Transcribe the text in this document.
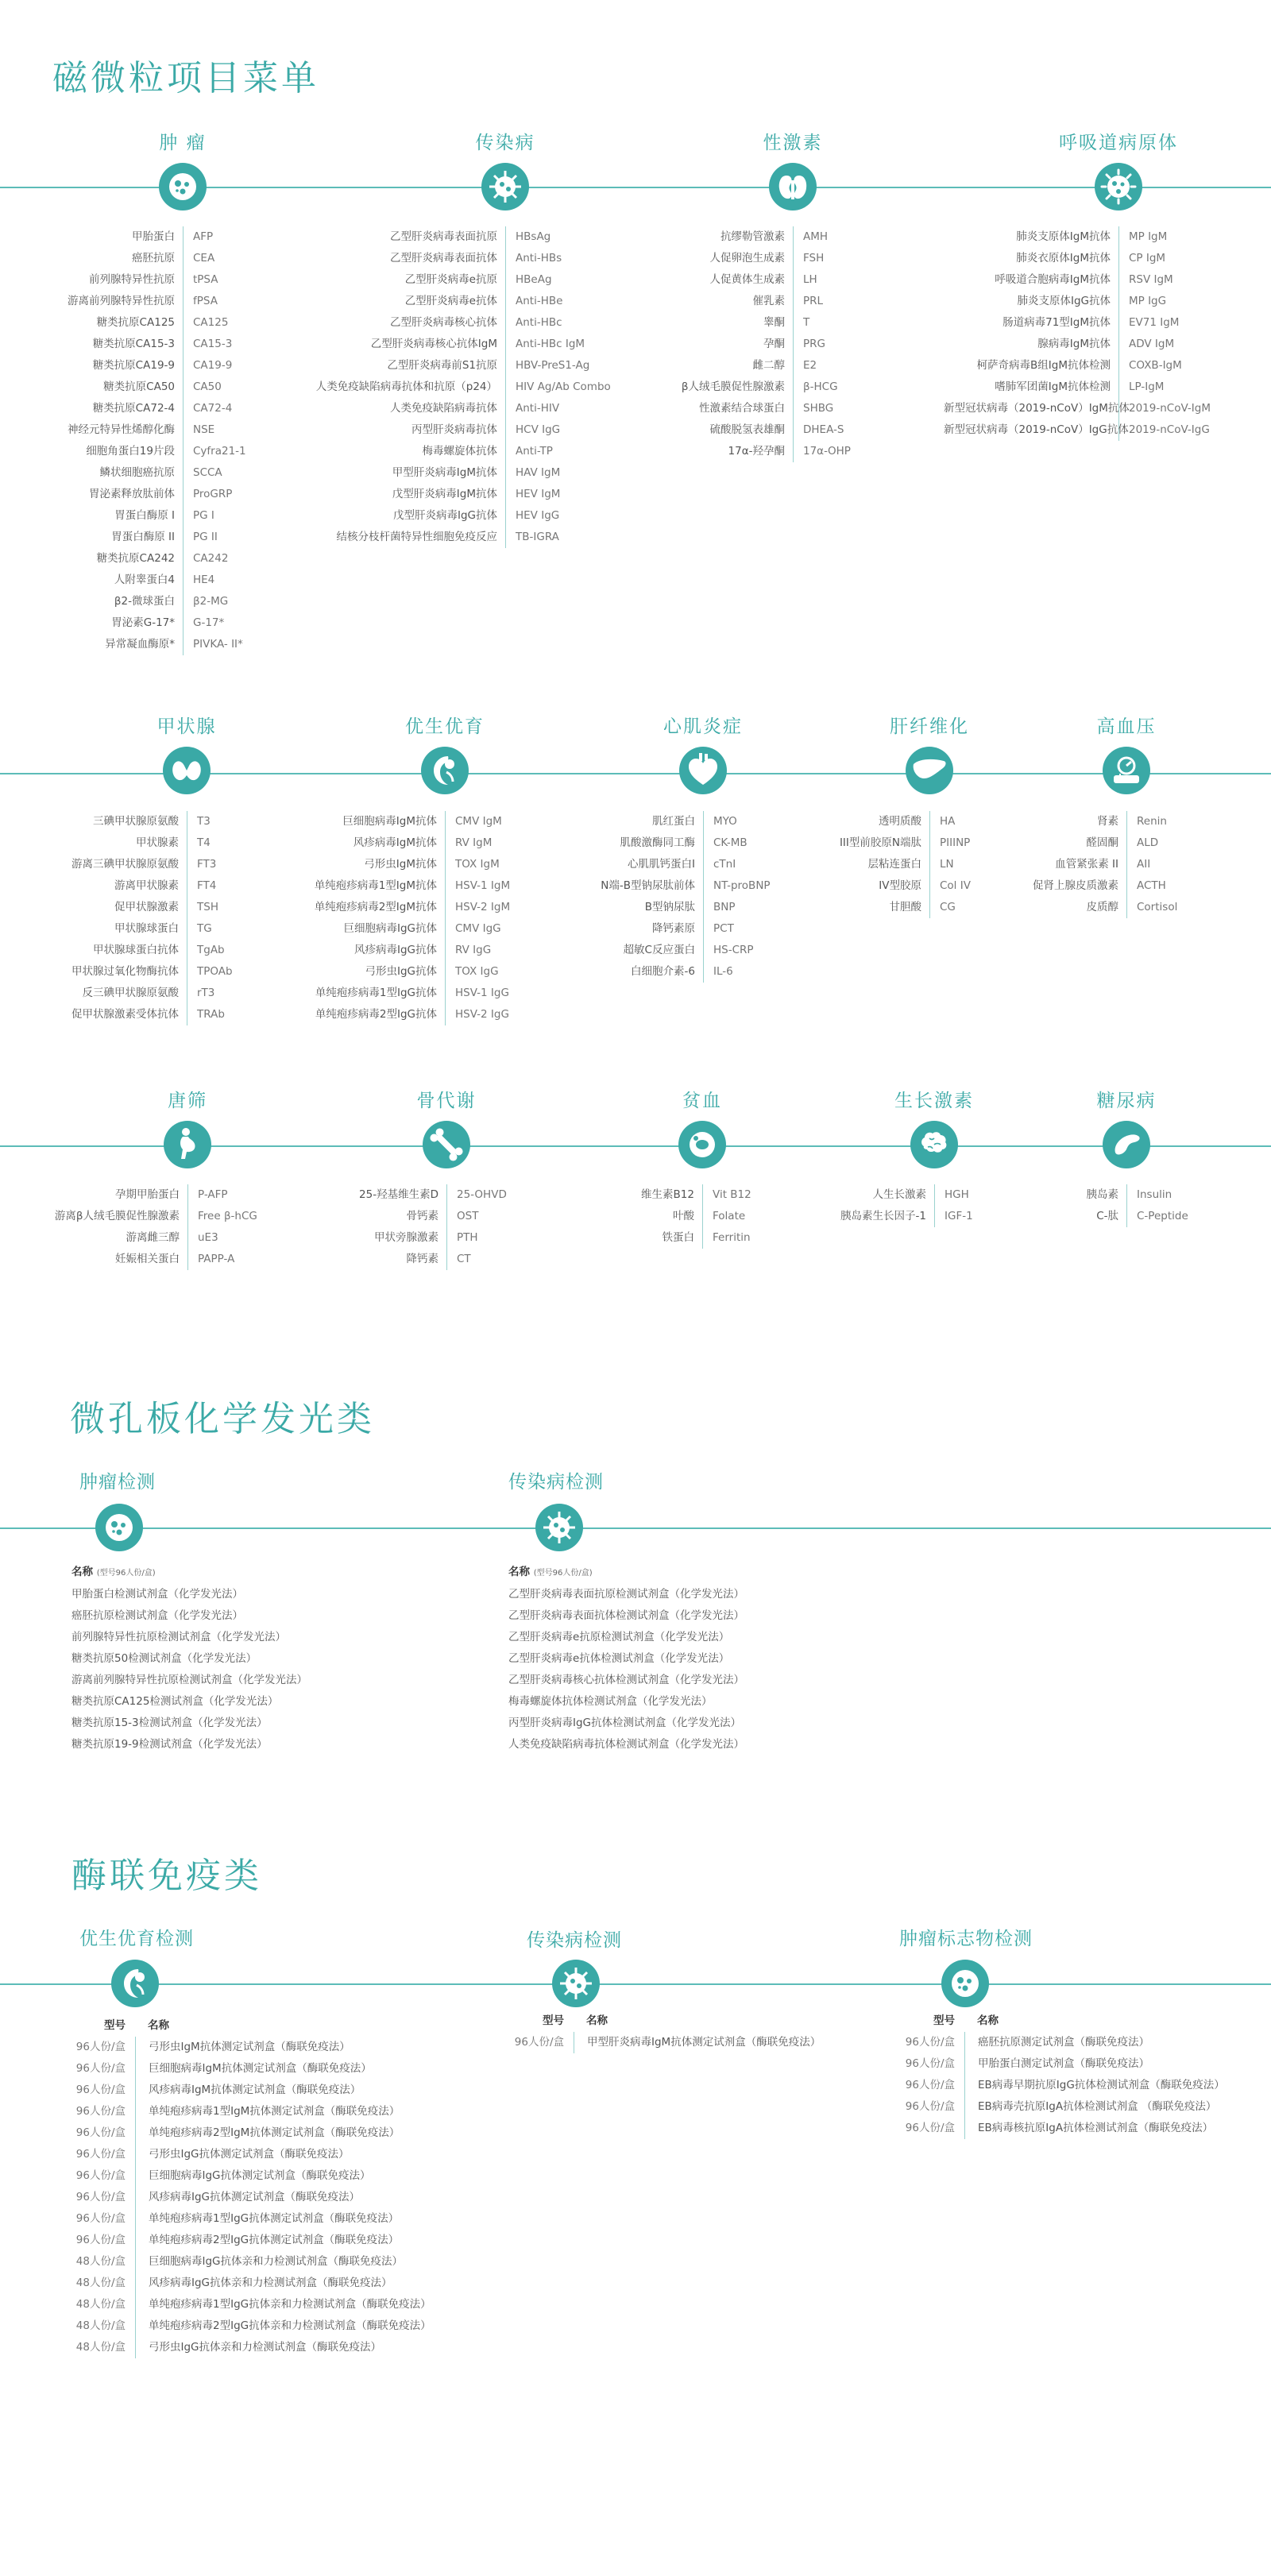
磁微粒项目菜单
肿 瘤
甲胎蛋白	AFP
癌胚抗原	CEA
前列腺特异性抗原	tPSA
游离前列腺特异性抗原	fPSA
糖类抗原CA125	CA125
糖类抗原CA15-3	CA15-3
糖类抗原CA19-9	CA19-9
糖类抗原CA50	CA50
糖类抗原CA72-4	CA72-4
神经元特异性烯醇化酶	NSE
细胞角蛋白19片段	Cyfra21-1
鳞状细胞癌抗原	SCCA
胃泌素释放肽前体	ProGRP
胃蛋白酶原 I	PG I
胃蛋白酶原 II	PG II
糖类抗原CA242	CA242
人附睾蛋白4	HE4
β2-微球蛋白	β2-MG
胃泌素G-17*	G-17*
异常凝血酶原*	PIVKA- II*
传染病
乙型肝炎病毒表面抗原	HBsAg
乙型肝炎病毒表面抗体	Anti-HBs
乙型肝炎病毒e抗原	HBeAg
乙型肝炎病毒e抗体	Anti-HBe
乙型肝炎病毒核心抗体	Anti-HBc
乙型肝炎病毒核心抗体IgM	Anti-HBc IgM
乙型肝炎病毒前S1抗原	HBV-PreS1-Ag
人类免疫缺陷病毒抗体和抗原（p24）	HIV Ag/Ab Combo
人类免疫缺陷病毒抗体	Anti-HIV
丙型肝炎病毒抗体	HCV IgG
梅毒螺旋体抗体	Anti-TP
甲型肝炎病毒IgM抗体	HAV IgM
戊型肝炎病毒IgM抗体	HEV IgM
戊型肝炎病毒IgG抗体	HEV IgG
结核分枝杆菌特异性细胞免疫反应	TB-IGRA
性激素
抗缪勒管激素	AMH
人促卵泡生成素	FSH
人促黄体生成素	LH
催乳素	PRL
睾酮	T
孕酮	PRG
雌二醇	E2
β人绒毛膜促性腺激素	β-HCG
性激素结合球蛋白	SHBG
硫酸脱氢表雄酮	DHEA-S
17α-羟孕酮	17α-OHP
呼吸道病原体
肺炎支原体IgM抗体	MP IgM
肺炎衣原体IgM抗体	CP IgM
呼吸道合胞病毒IgM抗体	RSV IgM
肺炎支原体IgG抗体	MP IgG
肠道病毒71型IgM抗体	EV71 IgM
腺病毒IgM抗体	ADV IgM
柯萨奇病毒B组IgM抗体检测	COXB-IgM
嗜肺军团菌IgM抗体检测	LP-IgM
新型冠状病毒（2019-nCoV）IgM抗体 2019-nCoV-IgM
新型冠状病毒（2019-nCoV）IgG抗体 2019-nCoV-IgG
甲状腺
三碘甲状腺原氨酸	T3
甲状腺素	T4
游离三碘甲状腺原氨酸	FT3
游离甲状腺素	FT4
促甲状腺激素	TSH
甲状腺球蛋白	TG
甲状腺球蛋白抗体	TgAb
甲状腺过氧化物酶抗体	TPOAb
反三碘甲状腺原氨酸	rT3
促甲状腺激素受体抗体	TRAb
优生优育
巨细胞病毒IgM抗体	CMV IgM
风疹病毒IgM抗体	RV IgM
弓形虫IgM抗体	TOX IgM
单纯疱疹病毒1型IgM抗体	HSV-1 IgM
单纯疱疹病毒2型IgM抗体	HSV-2 IgM
巨细胞病毒IgG抗体	CMV IgG
风疹病毒IgG抗体	RV IgG
弓形虫IgG抗体	TOX IgG
单纯疱疹病毒1型IgG抗体	HSV-1 IgG
单纯疱疹病毒2型IgG抗体	HSV-2 IgG
心肌炎症
肌红蛋白	MYO
肌酸激酶同工酶	CK-MB
心肌肌钙蛋白I	cTnI
N端-B型钠尿肽前体	NT-proBNP
B型钠尿肽	BNP
降钙素原	PCT
超敏C反应蛋白	HS-CRP
白细胞介素-6	IL-6
肝纤维化
透明质酸	HA
III型前胶原N端肽	PIIINP
层粘连蛋白	LN
IV型胶原	Col IV
甘胆酸	CG
高血压
肾素	Renin
醛固酮	ALD
血管紧张素 II	AII
促肾上腺皮质激素	ACTH
皮质醇	Cortisol
唐筛
孕期甲胎蛋白	P-AFP
游离β人绒毛膜促性腺激素	Free β-hCG
游离雌三醇	uE3
妊娠相关蛋白	PAPP-A
骨代谢
25-羟基维生素D	25-OHVD
骨钙素	OST
甲状旁腺激素	PTH
降钙素	CT
贫血
维生素B12	Vit B12
叶酸	Folate
铁蛋白	Ferritin
生长激素
人生长激素	HGH
胰岛素生长因子-1	IGF-1
糖尿病
胰岛素	Insulin
C-肽	C-Peptide
微孔板化学发光类
肿瘤检测	传染病检测
名称 (型号96人份/盒)
甲胎蛋白检测试剂盒（化学发光法）
癌胚抗原检测试剂盒（化学发光法）
前列腺特异性抗原检测试剂盒（化学发光法）
糖类抗原50检测试剂盒（化学发光法）
游离前列腺特异性抗原检测试剂盒（化学发光法）
糖类抗原CA125检测试剂盒（化学发光法）
糖类抗原15-3检测试剂盒（化学发光法）
糖类抗原19-9检测试剂盒（化学发光法）
名称 (型号96人份/盒)
乙型肝炎病毒表面抗原检测试剂盒（化学发光法）
乙型肝炎病毒表面抗体检测试剂盒（化学发光法）
乙型肝炎病毒e抗原检测试剂盒（化学发光法）
乙型肝炎病毒e抗体检测试剂盒（化学发光法）
乙型肝炎病毒核心抗体检测试剂盒（化学发光法）
梅毒螺旋体抗体检测试剂盒（化学发光法）
丙型肝炎病毒IgG抗体检测试剂盒（化学发光法）
人类免疫缺陷病毒抗体检测试剂盒（化学发光法）
酶联免疫类
优生优育检测	传染病检测	肿瘤标志物检测
型号	名称
96人份/盒	弓形虫IgM抗体测定试剂盒（酶联免疫法）
96人份/盒	巨细胞病毒IgM抗体测定试剂盒（酶联免疫法）
96人份/盒	风疹病毒IgM抗体测定试剂盒（酶联免疫法）
96人份/盒	单纯疱疹病毒1型IgM抗体测定试剂盒（酶联免疫法）
96人份/盒	单纯疱疹病毒2型IgM抗体测定试剂盒（酶联免疫法）
96人份/盒	弓形虫IgG抗体测定试剂盒（酶联免疫法）
96人份/盒	巨细胞病毒IgG抗体测定试剂盒（酶联免疫法）
96人份/盒	风疹病毒IgG抗体测定试剂盒（酶联免疫法）
96人份/盒	单纯疱疹病毒1型IgG抗体测定试剂盒（酶联免疫法）
96人份/盒	单纯疱疹病毒2型IgG抗体测定试剂盒（酶联免疫法）
48人份/盒	巨细胞病毒IgG抗体亲和力检测试剂盒（酶联免疫法）
48人份/盒	风疹病毒IgG抗体亲和力检测试剂盒（酶联免疫法）
48人份/盒	单纯疱疹病毒1型IgG抗体亲和力检测试剂盒（酶联免疫法）
48人份/盒	单纯疱疹病毒2型IgG抗体亲和力检测试剂盒（酶联免疫法）
48人份/盒	弓形虫IgG抗体亲和力检测试剂盒（酶联免疫法）
型号	名称
96人份/盒	甲型肝炎病毒IgM抗体测定试剂盒（酶联免疫法）
型号	名称
96人份/盒	癌胚抗原测定试剂盒（酶联免疫法）
96人份/盒	甲胎蛋白测定试剂盒（酶联免疫法）
96人份/盒	EB病毒早期抗原IgG抗体检测试剂盒（酶联免疫法）
96人份/盒	EB病毒壳抗原IgA抗体检测试剂盒 （酶联免疫法）
96人份/盒	EB病毒核抗原IgA抗体检测试剂盒（酶联免疫法）
